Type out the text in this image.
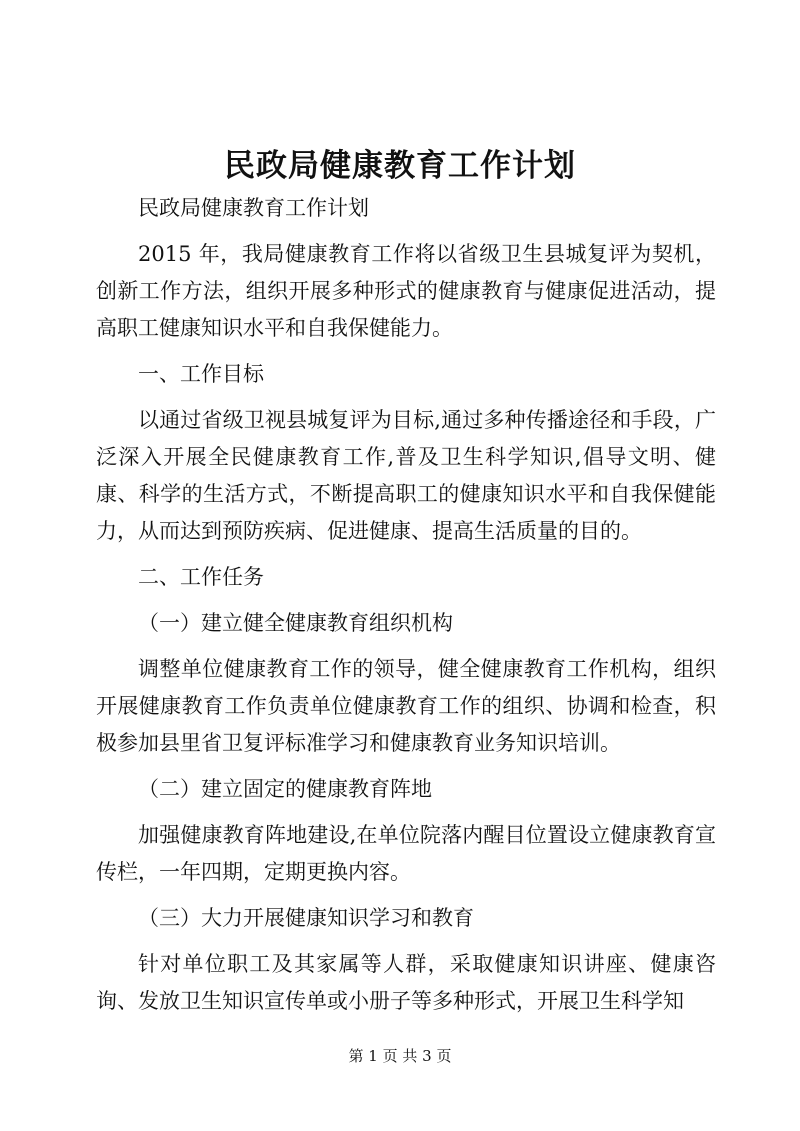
民政局健康教育工作计划

民政局健康教育工作计划

2015 年，我局健康教育工作将以省级卫生县城复评为契机，创新工作方法，组织开展多种形式的健康教育与健康促进活动，提高职工健康知识水平和自我保健能力。

一、工作目标

以通过省级卫视县城复评为目标,通过多种传播途径和手段，广泛深入开展全民健康教育工作,普及卫生科学知识,倡导文明、健康、科学的生活方式，不断提高职工的健康知识水平和自我保健能力，从而达到预防疾病、促进健康、提高生活质量的目的。

二、工作任务

（一）建立健全健康教育组织机构

调整单位健康教育工作的领导，健全健康教育工作机构，组织开展健康教育工作负责单位健康教育工作的组织、协调和检查，积极参加县里省卫复评标准学习和健康教育业务知识培训。

（二）建立固定的健康教育阵地

加强健康教育阵地建设,在单位院落内醒目位置设立健康教育宣传栏，一年四期，定期更换内容。

（三）大力开展健康知识学习和教育

针对单位职工及其家属等人群，采取健康知识讲座、健康咨询、发放卫生知识宣传单或小册子等多种形式，开展卫生科学知

第 1 页 共 3 页
